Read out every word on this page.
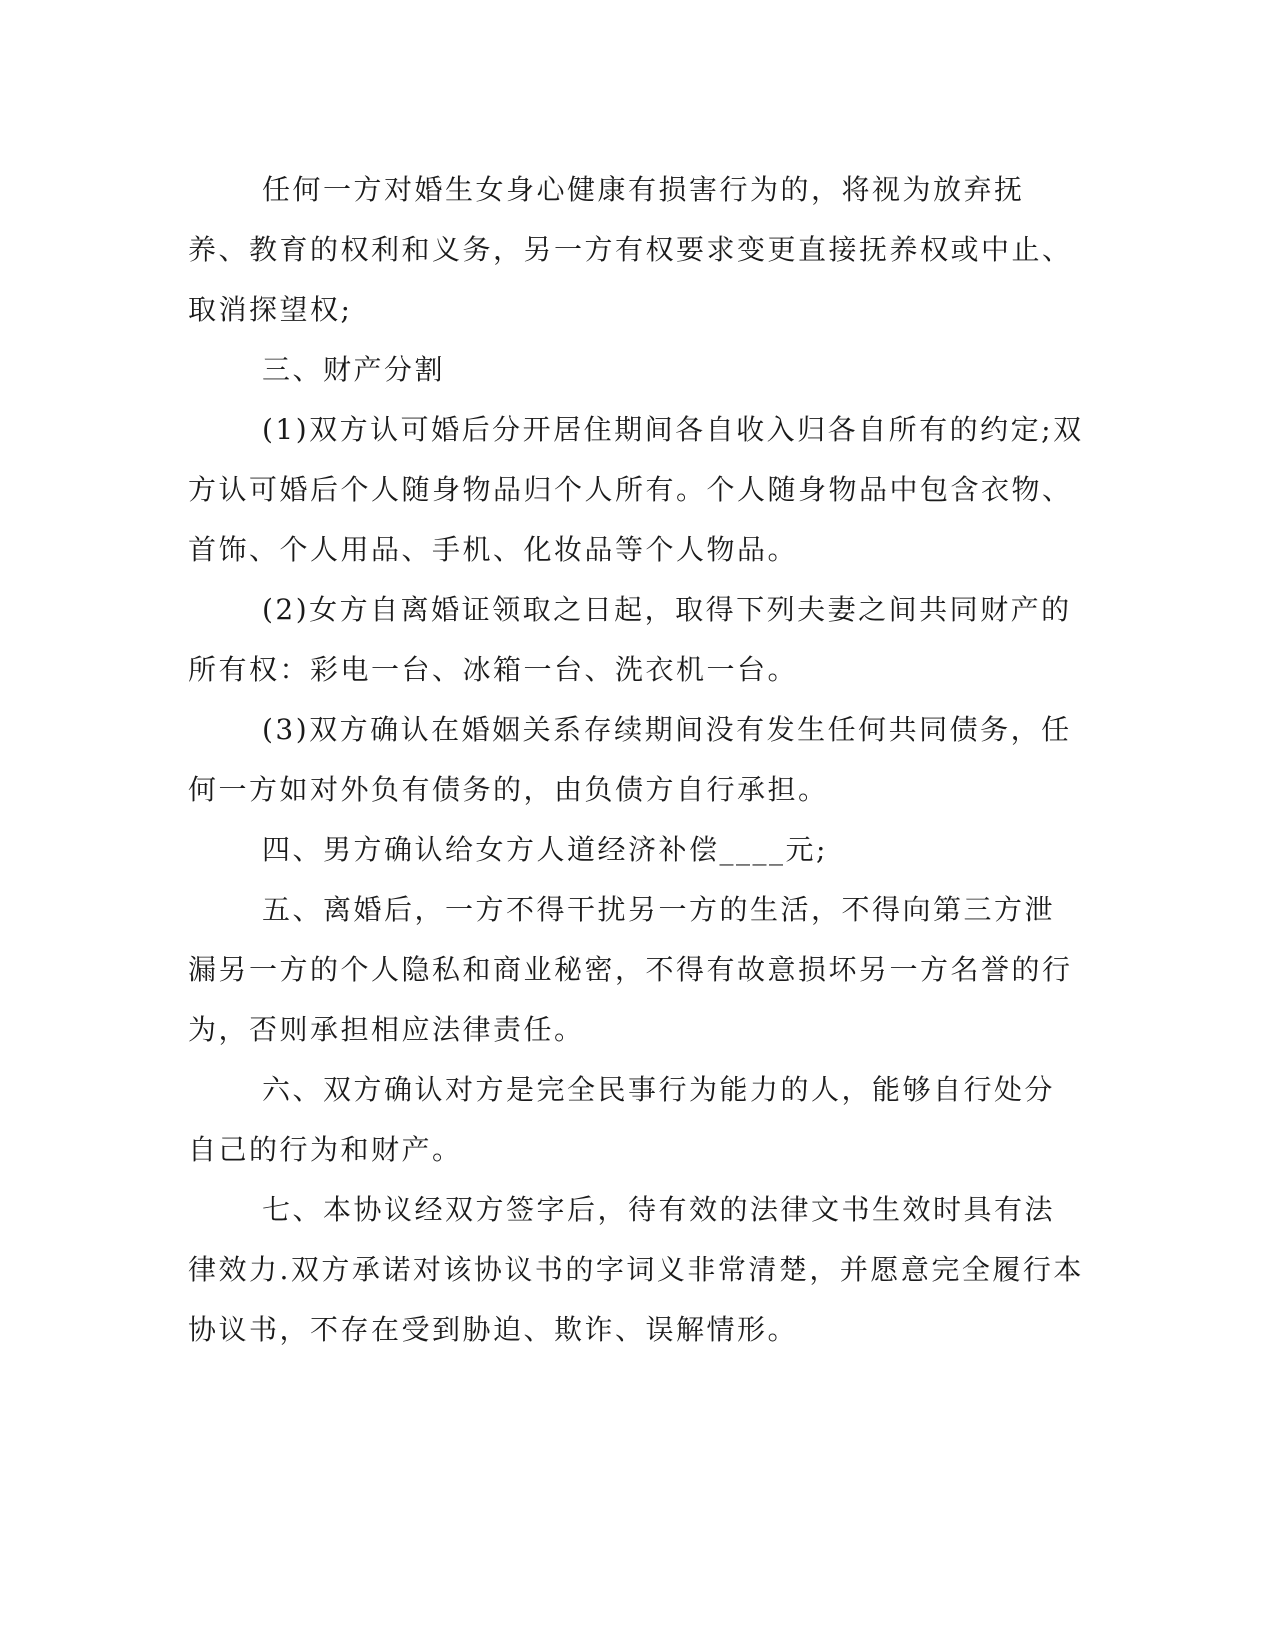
任何一方对婚生女身心健康有损害行为的，将视为放弃抚养、教育的权利和义务，另一方有权要求变更直接抚养权或中止、取消探望权;

三、财产分割

(1)双方认可婚后分开居住期间各自收入归各自所有的约定;双方认可婚后个人随身物品归个人所有。个人随身物品中包含衣物、首饰、个人用品、手机、化妆品等个人物品。

(2)女方自离婚证领取之日起，取得下列夫妻之间共同财产的所有权：彩电一台、冰箱一台、洗衣机一台。

(3)双方确认在婚姻关系存续期间没有发生任何共同债务，任何一方如对外负有债务的，由负债方自行承担。

四、男方确认给女方人道经济补偿____元;

五、离婚后，一方不得干扰另一方的生活，不得向第三方泄漏另一方的个人隐私和商业秘密，不得有故意损坏另一方名誉的行为，否则承担相应法律责任。

六、双方确认对方是完全民事行为能力的人，能够自行处分自己的行为和财产。

七、本协议经双方签字后，待有效的法律文书生效时具有法律效力.双方承诺对该协议书的字词义非常清楚，并愿意完全履行本协议书，不存在受到胁迫、欺诈、误解情形。
